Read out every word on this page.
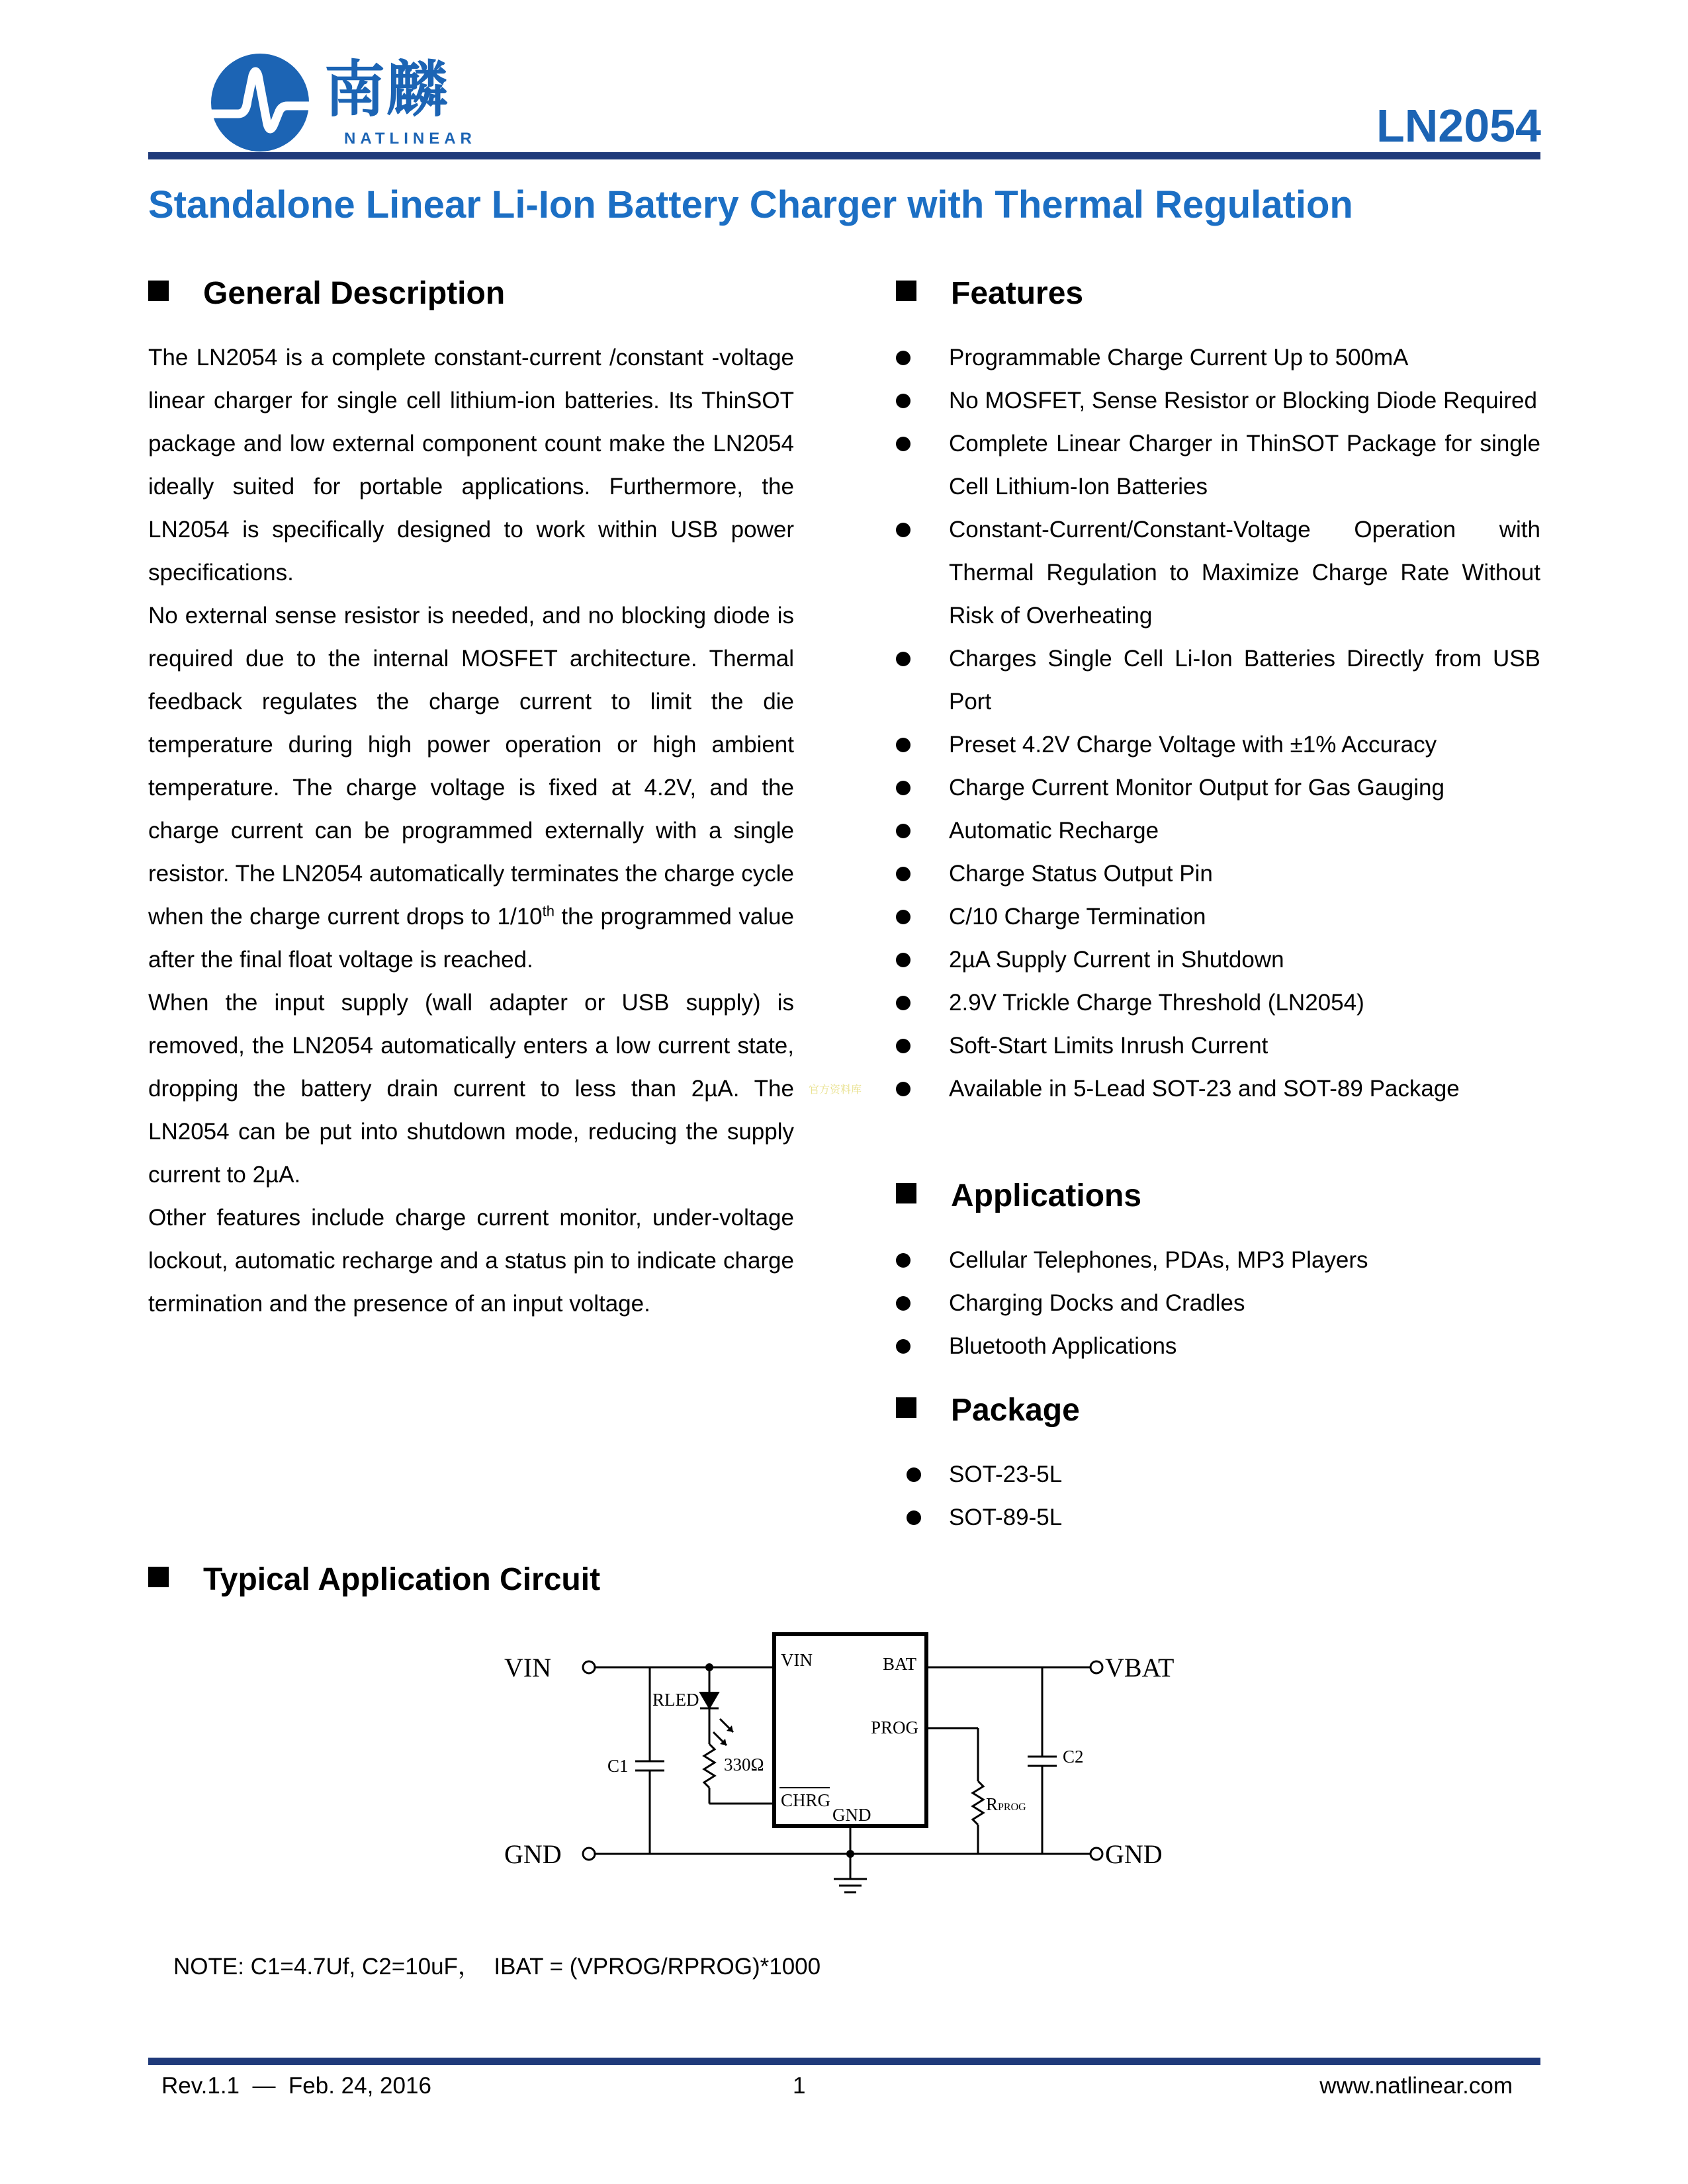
南麟
NATLINEAR	LN2054
Standalone Linear Li-Ion Battery Charger with Thermal Regulation
General Description

The LN2054 is a complete constant-current /constant -voltage linear charger for single cell lithium-ion batteries. Its ThinSOT package and low external component count make the LN2054 ideally suited for portable applications. Furthermore, the LN2054 is specifically designed to work within USB power specifications.

No external sense resistor is needed, and no blocking diode is required due to the internal MOSFET architecture. Thermal feedback regulates the charge current to limit the die temperature during high power operation or high ambient temperature. The charge voltage is fixed at 4.2V, and the charge current can be programmed externally with a single resistor. The LN2054 automatically terminates the charge cycle when the charge current drops to 1/10th the programmed value after the final float voltage is reached.

When the input supply (wall adapter or USB supply) is removed, the LN2054 automatically enters a low current state, dropping the battery drain current to less than 2µA. The LN2054 can be put into shutdown mode, reducing the supply current to 2µA.

Other features include charge current monitor, under-voltage lockout, automatic recharge and a status pin to indicate charge termination and the presence of an input voltage.

官方资料库
Features
Programmable Charge Current Up to 500mA
No MOSFET, Sense Resistor or Blocking Diode Required
Complete Linear Charger in ThinSOT Package for single Cell Lithium-Ion Batteries
Constant-Current/Constant-Voltage Operation with Thermal Regulation to Maximize Charge Rate Without Risk of Overheating
Charges Single Cell Li-Ion Batteries Directly from USB Port
Preset 4.2V Charge Voltage with ±1% Accuracy
Charge Current Monitor Output for Gas Gauging
Automatic Recharge
Charge Status Output Pin
C/10 Charge Termination
2µA Supply Current in Shutdown
2.9V Trickle Charge Threshold (LN2054)
Soft-Start Limits Inrush Current
Available in 5-Lead SOT-23 and SOT-89 Package
Applications
Cellular Telephones, PDAs, MP3 Players
Charging Docks and Cradles
Bluetooth Applications
Package
SOT-23-5L
SOT-89-5L
Typical Application Circuit
VIN
GND
VBAT
GND
VIN	BAT
PROG
CHRG
GND
RLED
330Ω
C1	C2
RPROG
NOTE: C1=4.7Uf, C2=10uF，  IBAT = (VPROG/RPROG)*1000
Rev.1.1  —  Feb. 24, 2016	1	www.natlinear.com
